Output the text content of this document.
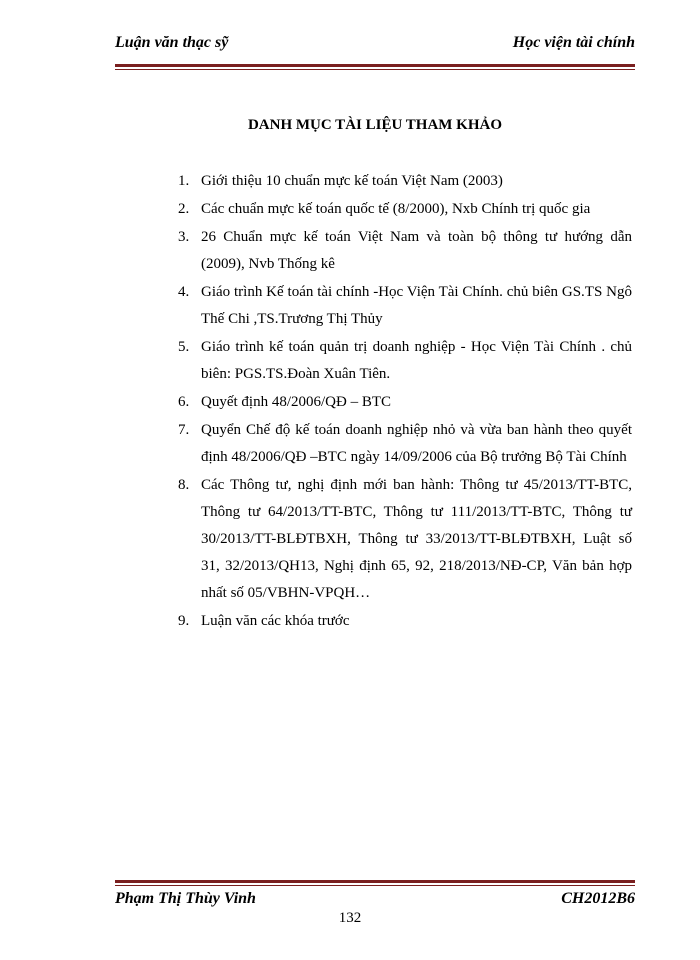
Luận văn thạc sỹ	Học viện tài chính
DANH MỤC TÀI LIỆU THAM KHẢO
1. Giới thiệu 10 chuẩn mực kế toán Việt Nam (2003)
2. Các chuẩn mực kế toán quốc tế (8/2000), Nxb Chính trị quốc gia
3. 26 Chuẩn mực kế toán Việt Nam và toàn bộ thông tư hướng dẫn (2009), Nvb Thống kê
4. Giáo trình Kế toán tài chính -Học Viện Tài Chính. chủ biên GS.TS Ngô Thế Chi ,TS.Trương Thị Thủy
5. Giáo trình kế toán quản trị doanh nghiệp - Học Viện Tài Chính . chủ biên: PGS.TS.Đoàn Xuân Tiên.
6. Quyết định 48/2006/QĐ – BTC
7. Quyển Chế độ kế toán doanh nghiệp nhỏ và vừa ban hành theo quyết định 48/2006/QĐ –BTC ngày 14/09/2006 của Bộ trưởng Bộ Tài Chính
8. Các Thông tư, nghị định mới ban hành: Thông tư 45/2013/TT-BTC, Thông tư 64/2013/TT-BTC, Thông tư 111/2013/TT-BTC, Thông tư 30/2013/TT-BLĐTBXH, Thông tư 33/2013/TT-BLĐTBXH, Luật số 31, 32/2013/QH13, Nghị định 65, 92, 218/2013/NĐ-CP, Văn bản hợp nhất số 05/VBHN-VPQH…
9. Luận văn các khóa trước
Phạm Thị Thùy Vinh	CH2012B6
132
